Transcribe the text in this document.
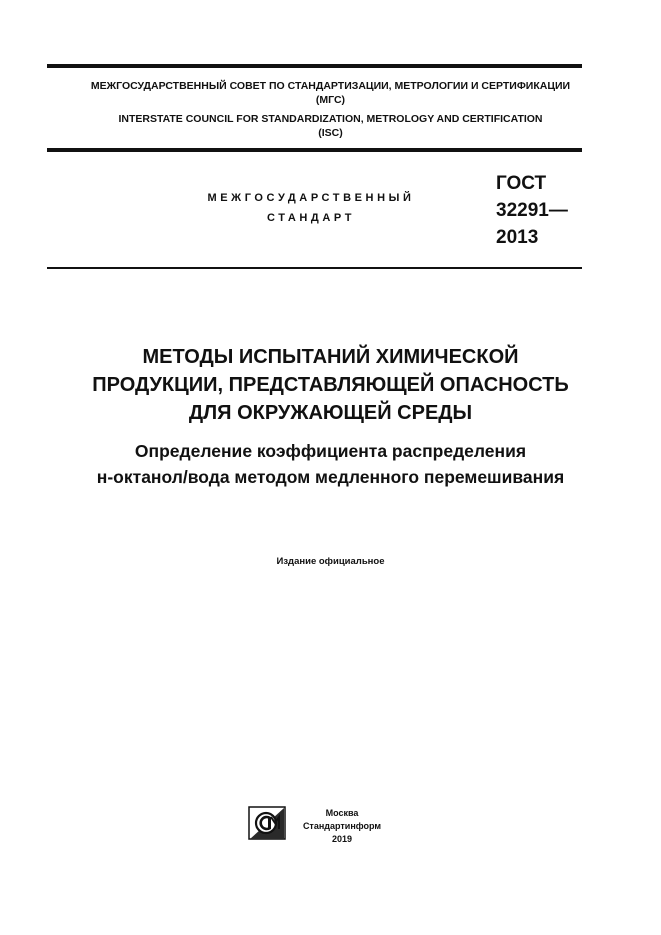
МЕЖГОСУДАРСТВЕННЫЙ СОВЕТ ПО СТАНДАРТИЗАЦИИ, МЕТРОЛОГИИ И СЕРТИФИКАЦИИ
(МГС)
INTERSTATE COUNCIL FOR STANDARDIZATION, METROLOGY AND CERTIFICATION
(ISC)
МЕЖГОСУДАРСТВЕННЫЙ
СТАНДАРТ
ГОСТ
32291—
2013
МЕТОДЫ ИСПЫТАНИЙ ХИМИЧЕСКОЙ
ПРОДУКЦИИ, ПРЕДСТАВЛЯЮЩЕЙ ОПАСНОСТЬ
ДЛЯ ОКРУЖАЮЩЕЙ СРЕДЫ
Определение коэффициента распределения
н-октанол/вода методом медленного перемешивания
Издание официальное
Москва
Стандартинформ
2019
